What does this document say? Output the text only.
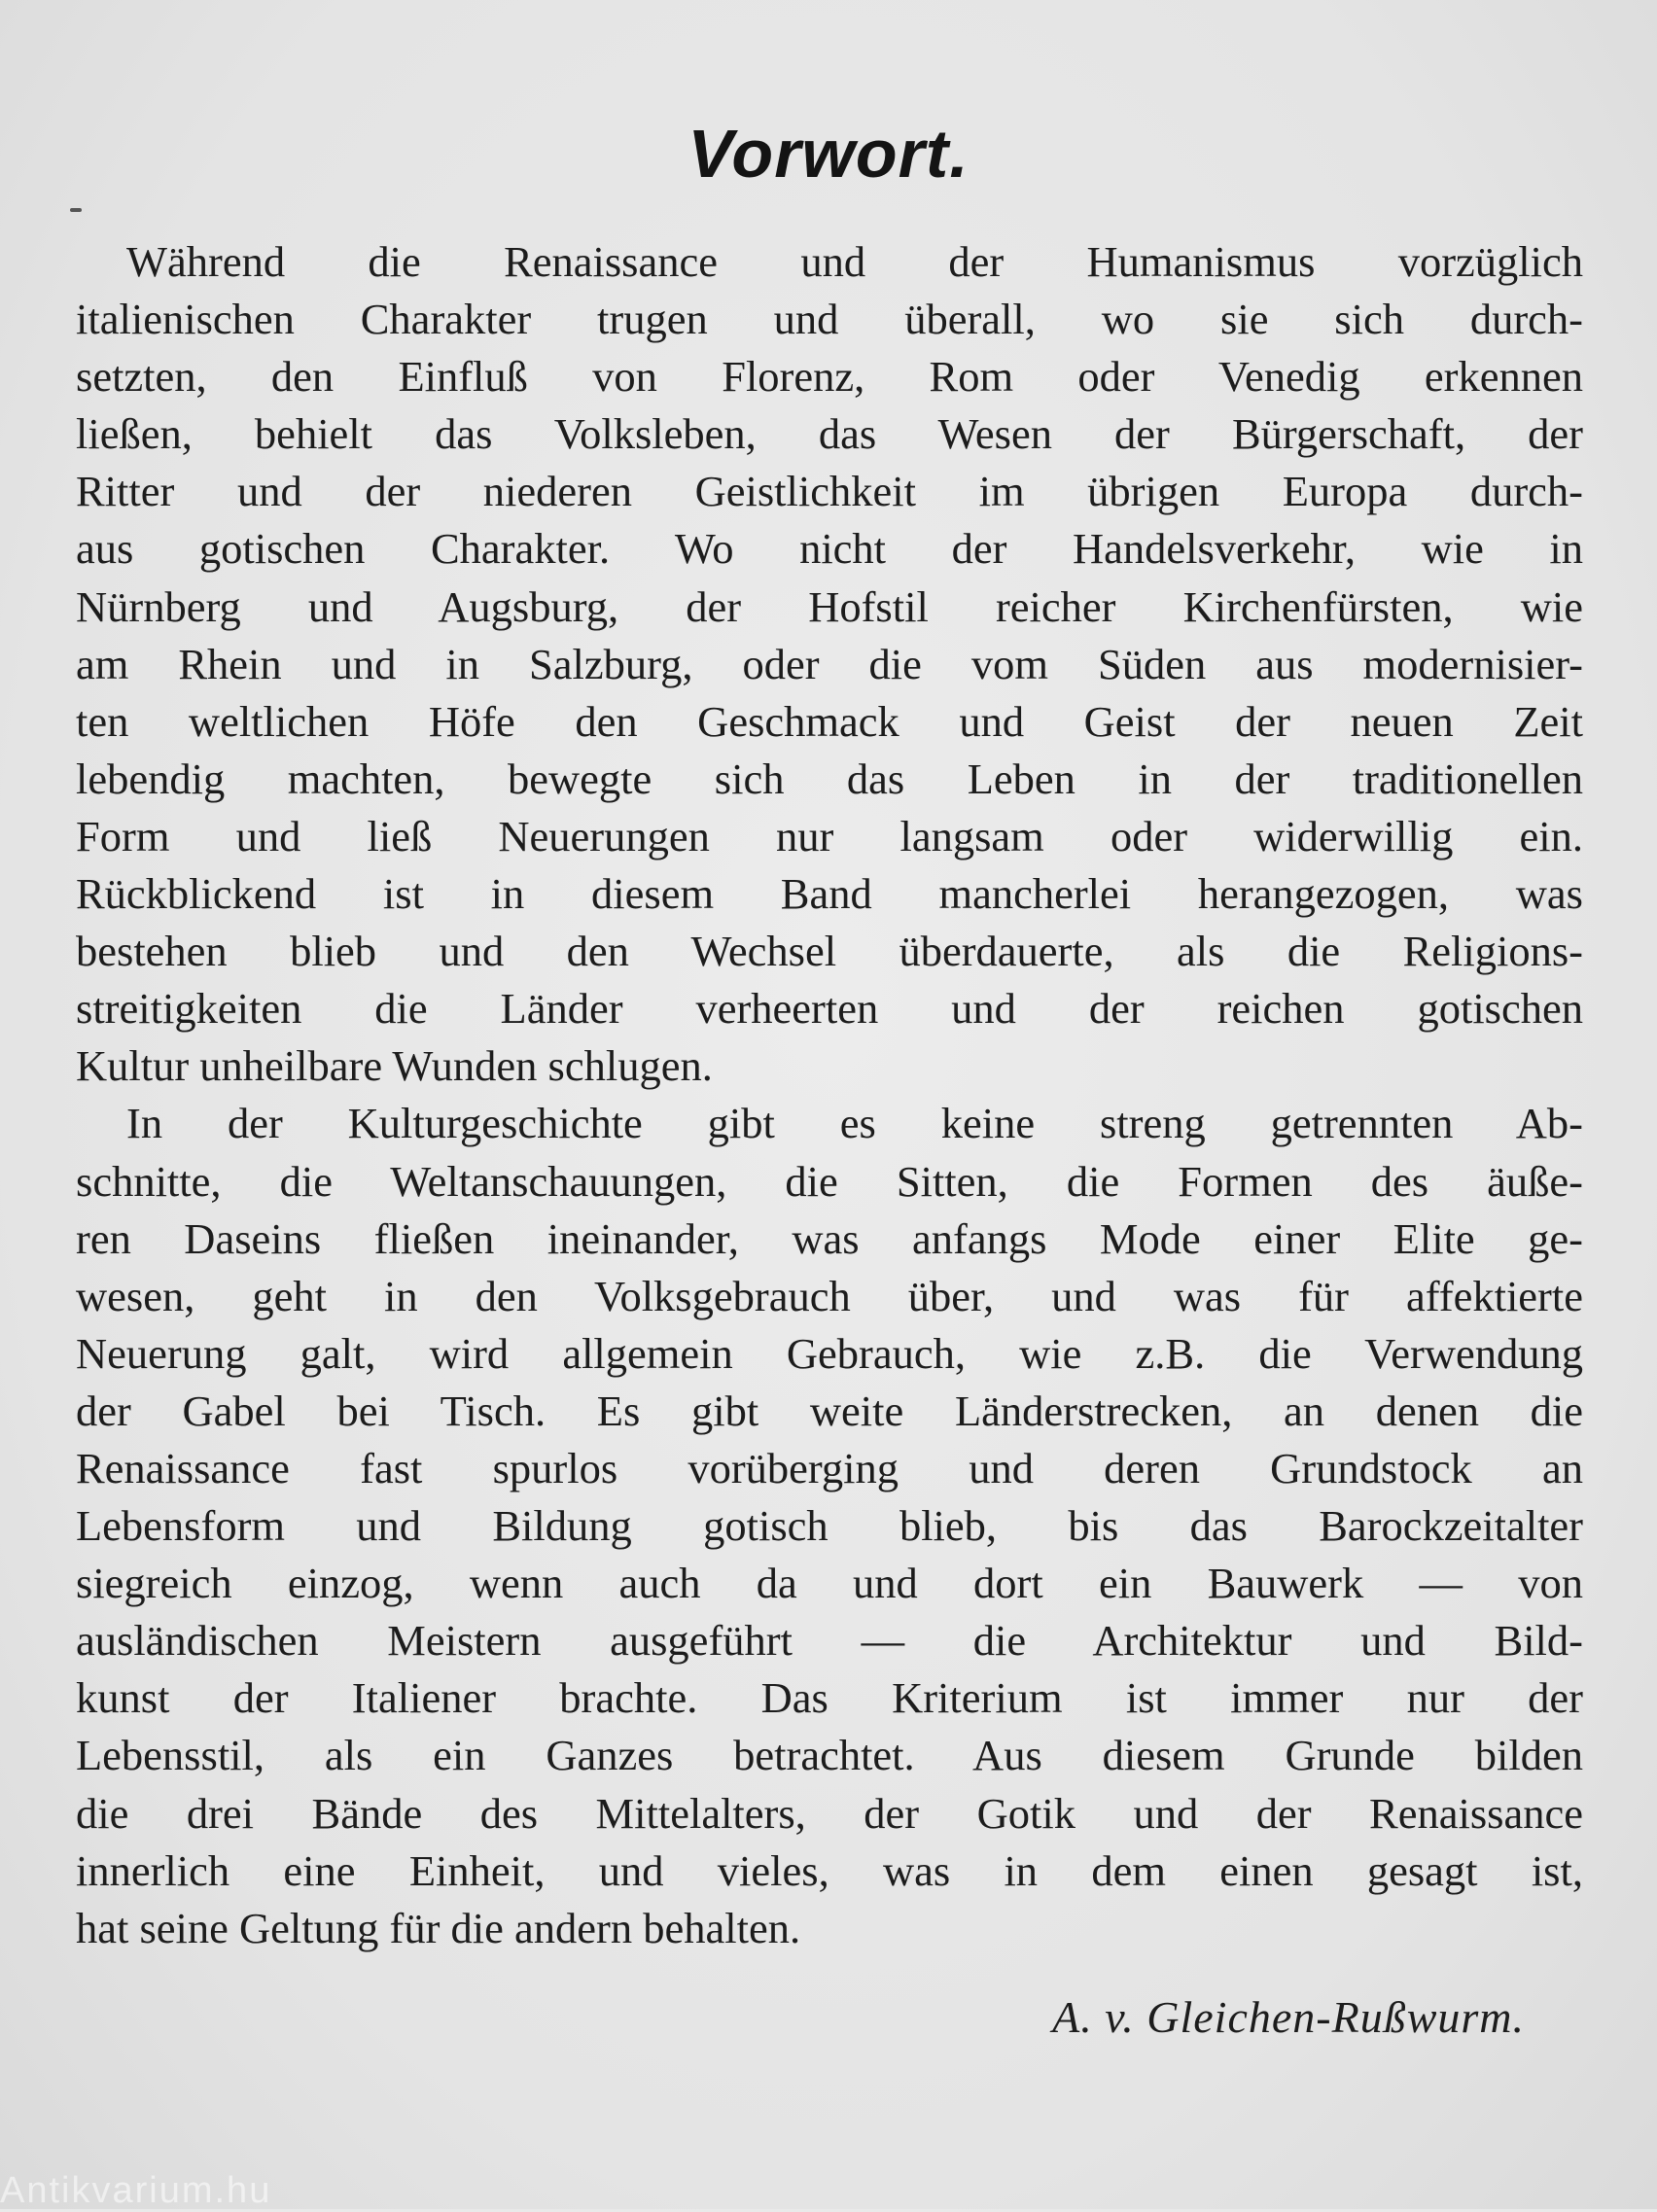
Vorwort.
Während die Renaissance und der Humanismus vorzüglich
italienischen Charakter trugen und überall, wo sie sich durch-
setzten, den Einfluß von Florenz, Rom oder Venedig erkennen
ließen, behielt das Volksleben, das Wesen der Bürgerschaft, der
Ritter und der niederen Geistlichkeit im übrigen Europa durch-
aus gotischen Charakter. Wo nicht der Handelsverkehr, wie in
Nürnberg und Augsburg, der Hofstil reicher Kirchenfürsten, wie
am Rhein und in Salzburg, oder die vom Süden aus modernisier-
ten weltlichen Höfe den Geschmack und Geist der neuen Zeit
lebendig machten, bewegte sich das Leben in der traditionellen
Form und ließ Neuerungen nur langsam oder widerwillig ein.
Rückblickend ist in diesem Band mancherlei herangezogen, was
bestehen blieb und den Wechsel überdauerte, als die Religions-
streitigkeiten die Länder verheerten und der reichen gotischen
Kultur unheilbare Wunden schlugen.
In der Kulturgeschichte gibt es keine streng getrennten Ab-
schnitte, die Weltanschauungen, die Sitten, die Formen des äuße-
ren Daseins fließen ineinander, was anfangs Mode einer Elite ge-
wesen, geht in den Volksgebrauch über, und was für affektierte
Neuerung galt, wird allgemein Gebrauch, wie z.B. die Verwendung
der Gabel bei Tisch. Es gibt weite Länderstrecken, an denen die
Renaissance fast spurlos vorüberging und deren Grundstock an
Lebensform und Bildung gotisch blieb, bis das Barockzeitalter
siegreich einzog, wenn auch da und dort ein Bauwerk — von
ausländischen Meistern ausgeführt — die Architektur und Bild-
kunst der Italiener brachte. Das Kriterium ist immer nur der
Lebensstil, als ein Ganzes betrachtet. Aus diesem Grunde bilden
die drei Bände des Mittelalters, der Gotik und der Renaissance
innerlich eine Einheit, und vieles, was in dem einen gesagt ist,
hat seine Geltung für die andern behalten.
A. v. Gleichen-Rußwurm.
Antikvarium.hu
